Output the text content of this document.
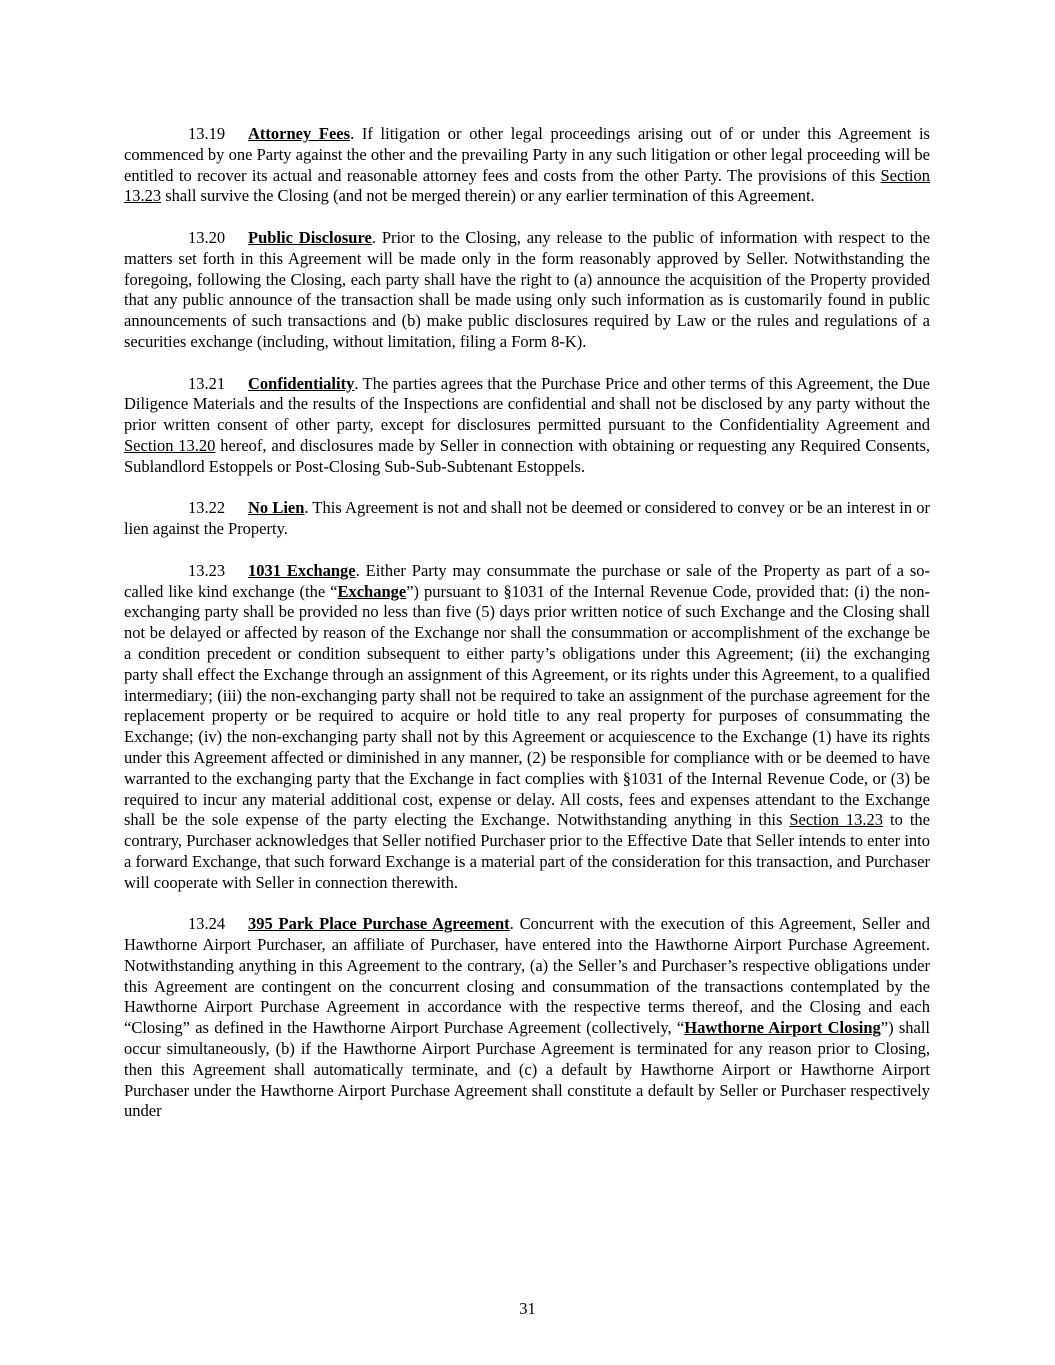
13.19 Attorney Fees. If litigation or other legal proceedings arising out of or under this Agreement is commenced by one Party against the other and the prevailing Party in any such litigation or other legal proceeding will be entitled to recover its actual and reasonable attorney fees and costs from the other Party. The provisions of this Section 13.23 shall survive the Closing (and not be merged therein) or any earlier termination of this Agreement.

13.20 Public Disclosure. Prior to the Closing, any release to the public of information with respect to the matters set forth in this Agreement will be made only in the form reasonably approved by Seller. Notwithstanding the foregoing, following the Closing, each party shall have the right to (a) announce the acquisition of the Property provided that any public announce of the transaction shall be made using only such information as is customarily found in public announcements of such transactions and (b) make public disclosures required by Law or the rules and regulations of a securities exchange (including, without limitation, filing a Form 8-K).

13.21 Confidentiality. The parties agrees that the Purchase Price and other terms of this Agreement, the Due Diligence Materials and the results of the Inspections are confidential and shall not be disclosed by any party without the prior written consent of other party, except for disclosures permitted pursuant to the Confidentiality Agreement and Section 13.20 hereof, and disclosures made by Seller in connection with obtaining or requesting any Required Consents, Sublandlord Estoppels or Post-Closing Sub-Sub-Subtenant Estoppels.

13.22 No Lien. This Agreement is not and shall not be deemed or considered to convey or be an interest in or lien against the Property.

13.23 1031 Exchange. Either Party may consummate the purchase or sale of the Property as part of a so-called like kind exchange (the “Exchange”) pursuant to §1031 of the Internal Revenue Code, provided that: (i) the non-exchanging party shall be provided no less than five (5) days prior written notice of such Exchange and the Closing shall not be delayed or affected by reason of the Exchange nor shall the consummation or accomplishment of the exchange be a condition precedent or condition subsequent to either party’s obligations under this Agreement; (ii) the exchanging party shall effect the Exchange through an assignment of this Agreement, or its rights under this Agreement, to a qualified intermediary; (iii) the non-exchanging party shall not be required to take an assignment of the purchase agreement for the replacement property or be required to acquire or hold title to any real property for purposes of consummating the Exchange; (iv) the non-exchanging party shall not by this Agreement or acquiescence to the Exchange (1) have its rights under this Agreement affected or diminished in any manner, (2) be responsible for compliance with or be deemed to have warranted to the exchanging party that the Exchange in fact complies with §1031 of the Internal Revenue Code, or (3) be required to incur any material additional cost, expense or delay. All costs, fees and expenses attendant to the Exchange shall be the sole expense of the party electing the Exchange. Notwithstanding anything in this Section 13.23 to the contrary, Purchaser acknowledges that Seller notified Purchaser prior to the Effective Date that Seller intends to enter into a forward Exchange, that such forward Exchange is a material part of the consideration for this transaction, and Purchaser will cooperate with Seller in connection therewith.

13.24 395 Park Place Purchase Agreement. Concurrent with the execution of this Agreement, Seller and Hawthorne Airport Purchaser, an affiliate of Purchaser, have entered into the Hawthorne Airport Purchase Agreement. Notwithstanding anything in this Agreement to the contrary, (a) the Seller’s and Purchaser’s respective obligations under this Agreement are contingent on the concurrent closing and consummation of the transactions contemplated by the Hawthorne Airport Purchase Agreement in accordance with the respective terms thereof, and the Closing and each “Closing” as defined in the Hawthorne Airport Purchase Agreement (collectively, “Hawthorne Airport Closing”) shall occur simultaneously, (b) if the Hawthorne Airport Purchase Agreement is terminated for any reason prior to Closing, then this Agreement shall automatically terminate, and (c) a default by Hawthorne Airport or Hawthorne Airport Purchaser under the Hawthorne Airport Purchase Agreement shall constitute a default by Seller or Purchaser respectively under

31
